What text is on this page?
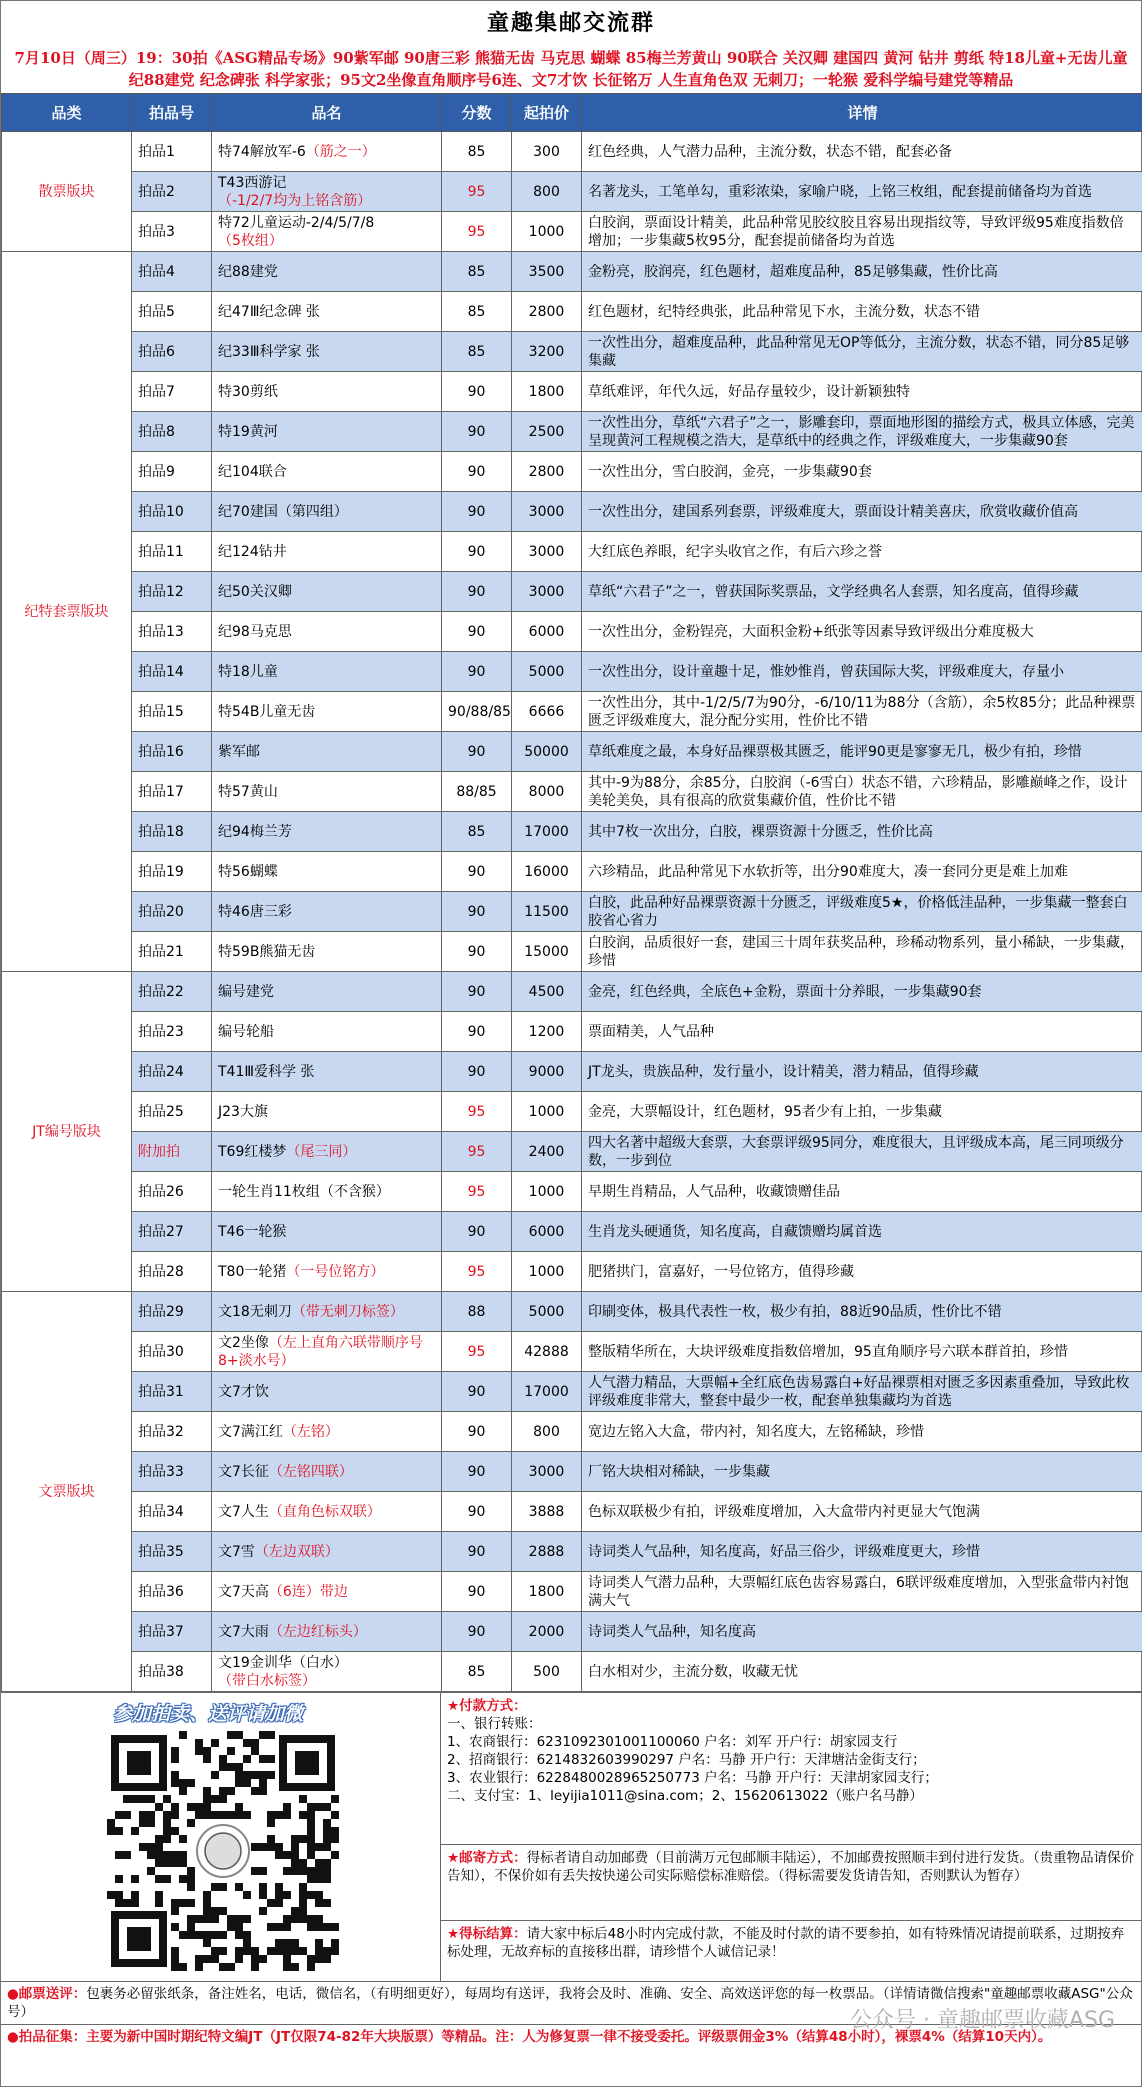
童趣集邮交流群
7月10日（周三）19：30拍《ASG精品专场》90紫军邮 90唐三彩 熊猫无齿 马克思 蝴蝶 85梅兰芳黄山 90联合 关汉卿 建国四 黄河 钻井 剪纸 特18儿童+无齿儿童 纪88建党 纪念碑张 科学家张；95文2坐像直角顺序号6连、文7才饮 长征铭万 人生直角色双 无刺刀；一轮猴 爱科学编号建党等精品
品类	拍品号	品名	分数	起拍价	详情
散票版块	拍品1	特74解放军-6（筋之一）	85	300	红色经典，人气潜力品种，主流分数，状态不错，配套必备
	拍品2	T43西游记（-1/2/7均为上铭含筋）	95	800	名著龙头，工笔单勾，重彩浓染，家喻户晓，上铭三枚组，配套提前储备均为首选
	拍品3	特72儿童运动-2/4/5/7/8（5枚组）	95	1000	白胶润，票面设计精美，此品种常见胶纹胶且容易出现指纹等，导致评级95难度指数倍增加；一步集藏5枚95分，配套提前储备均为首选
纪特套票版块	拍品4	纪88建党	85	3500	金粉亮，胶润亮，红色题材，超难度品种，85足够集藏，性价比高
	拍品5	纪47Ⅲ纪念碑 张	85	2800	红色题材，纪特经典张，此品种常见下水，主流分数，状态不错
	拍品6	纪33Ⅲ科学家 张	85	3200	一次性出分，超难度品种，此品种常见无OP等低分，主流分数，状态不错，同分85足够集藏
	拍品7	特30剪纸	90	1800	草纸难评，年代久远，好品存量较少，设计新颖独特
	拍品8	特19黄河	90	2500	一次性出分，草纸“六君子”之一，影雕套印，票面地形图的描绘方式，极具立体感，完美呈现黄河工程规模之浩大，是草纸中的经典之作，评级难度大，一步集藏90套
	拍品9	纪104联合	90	2800	一次性出分，雪白胶润，金亮，一步集藏90套
	拍品10	纪70建国（第四组）	90	3000	一次性出分，建国系列套票，评级难度大，票面设计精美喜庆，欣赏收藏价值高
	拍品11	纪124钻井	90	3000	大红底色养眼，纪字头收官之作，有后六珍之誉
	拍品12	纪50关汉卿	90	3000	草纸“六君子”之一，曾获国际奖票品，文学经典名人套票，知名度高，值得珍藏
	拍品13	纪98马克思	90	6000	一次性出分，金粉锃亮，大面积金粉+纸张等因素导致评级出分难度极大
	拍品14	特18儿童	90	5000	一次性出分，设计童趣十足，惟妙惟肖，曾获国际大奖，评级难度大，存量小
	拍品15	特54B儿童无齿	90/88/85	6666	一次性出分，其中-1/2/5/7为90分，-6/10/11为88分（含筋），余5枚85分；此品种裸票匮乏评级难度大，混分配分实用，性价比不错
	拍品16	紫军邮	90	50000	草纸难度之最，本身好品裸票极其匮乏，能评90更是寥寥无几，极少有拍，珍惜
	拍品17	特57黄山	88/85	8000	其中-9为88分，余85分，白胶润（-6雪白）状态不错，六珍精品，影雕巅峰之作，设计美轮美奂，具有很高的欣赏集藏价值，性价比不错
	拍品18	纪94梅兰芳	85	17000	其中7枚一次出分，白胶，裸票资源十分匮乏，性价比高
	拍品19	特56蝴蝶	90	16000	六珍精品，此品种常见下水软折等，出分90难度大，凑一套同分更是难上加难
	拍品20	特46唐三彩	90	11500	白胶，此品种好品裸票资源十分匮乏，评级难度5★，价格低洼品种，一步集藏一整套白胶省心省力
	拍品21	特59B熊猫无齿	90	15000	白胶润，品质很好一套，建国三十周年获奖品种，珍稀动物系列，量小稀缺，一步集藏，珍惜
JT编号版块	拍品22	编号建党	90	4500	金亮，红色经典，全底色+金粉，票面十分养眼，一步集藏90套
	拍品23	编号轮船	90	1200	票面精美，人气品种
	拍品24	T41Ⅲ爱科学 张	90	9000	JT龙头，贵族品种，发行量小，设计精美，潜力精品，值得珍藏
	拍品25	J23大旗	95	1000	金亮，大票幅设计，红色题材，95者少有上拍，一步集藏
	附加拍	T69红楼梦（尾三同）	95	2400	四大名著中超级大套票，大套票评级95同分，难度很大，且评级成本高，尾三同项级分数，一步到位
	拍品26	一轮生肖11枚组（不含猴）	95	1000	早期生肖精品，人气品种，收藏馈赠佳品
	拍品27	T46一轮猴	90	6000	生肖龙头硬通货，知名度高，自藏馈赠均属首选
	拍品28	T80一轮猪（一号位铭方）	95	1000	肥猪拱门，富嘉好，一号位铭方，值得珍藏
文票版块	拍品29	文18无刺刀（带无刺刀标签）	88	5000	印刷变体，极具代表性一枚，极少有拍，88近90品质，性价比不错
	拍品30	文2坐像（左上直角六联带顺序号8+淡水号）	95	42888	整版精华所在，大块评级难度指数倍增加，95直角顺序号六联本群首拍，珍惜
	拍品31	文7才饮	90	17000	人气潜力精品，大票幅+全红底色齿易露白+好品裸票相对匮乏多因素重叠加，导致此枚评级难度非常大，整套中最少一枚，配套单独集藏均为首选
	拍品32	文7满江红（左铭）	90	800	宽边左铭入大盒，带内衬，知名度大，左铭稀缺，珍惜
	拍品33	文7长征（左铭四联）	90	3000	厂铭大块相对稀缺，一步集藏
	拍品34	文7人生（直角色标双联）	90	3888	色标双联极少有拍，评级难度增加，入大盒带内衬更显大气饱满
	拍品35	文7雪（左边双联）	90	2888	诗词类人气品种，知名度高，好品三俗少，评级难度更大，珍惜
	拍品36	文7天高（6连）带边	90	1800	诗词类人气潜力品种，大票幅红底色齿容易露白，6联评级难度增加，入型张盒带内衬饱满大气
	拍品37	文7大雨（左边红标头）	90	2000	诗词类人气品种，知名度高
	拍品38	文19金训华（白水）（带白水标签）	85	500	白水相对少，主流分数，收藏无忧
参加拍卖、送评请加微	★付款方式：
一、银行转账：
1、农商银行：6231092301001100060 户名：刘军 开户行：胡家园支行
2、招商银行：6214832603990297 户名：马静 开户行：天津塘沽金街支行；
3、农业银行：6228480028965250773 户名：马静 开户行：天津胡家园支行；
二、支付宝：1、leyijia1011@sina.com；2、15620613022（账户名马静）
★邮寄方式：得标者请自动加邮费（目前满万元包邮顺丰陆运），不加邮费按照顺丰到付进行发货。（贵重物品请保价告知），不保价如有丢失按快递公司实际赔偿标准赔偿。（得标需要发货请告知，否则默认为暂存）
★得标结算：请大家中标后48小时内完成付款，不能及时付款的请不要参拍，如有特殊情况请提前联系，过期按弃标处理，无故弃标的直接移出群，请珍惜个人诚信记录！
●邮票送评：包裹务必留张纸条，备注姓名，电话，微信名，（有明细更好），每周均有送评，我将会及时、准确、安全、高效送评您的每一枚票品。（详情请微信搜索"童趣邮票收藏ASG"公众号）
●拍品征集：主要为新中国时期纪特文编JT（JT仅限74-82年大块版票）等精品。注：人为修复票一律不接受委托。评级票佣金3%（结算48小时），裸票4%（结算10天内）。
公众号 · 童趣邮票收藏ASG
